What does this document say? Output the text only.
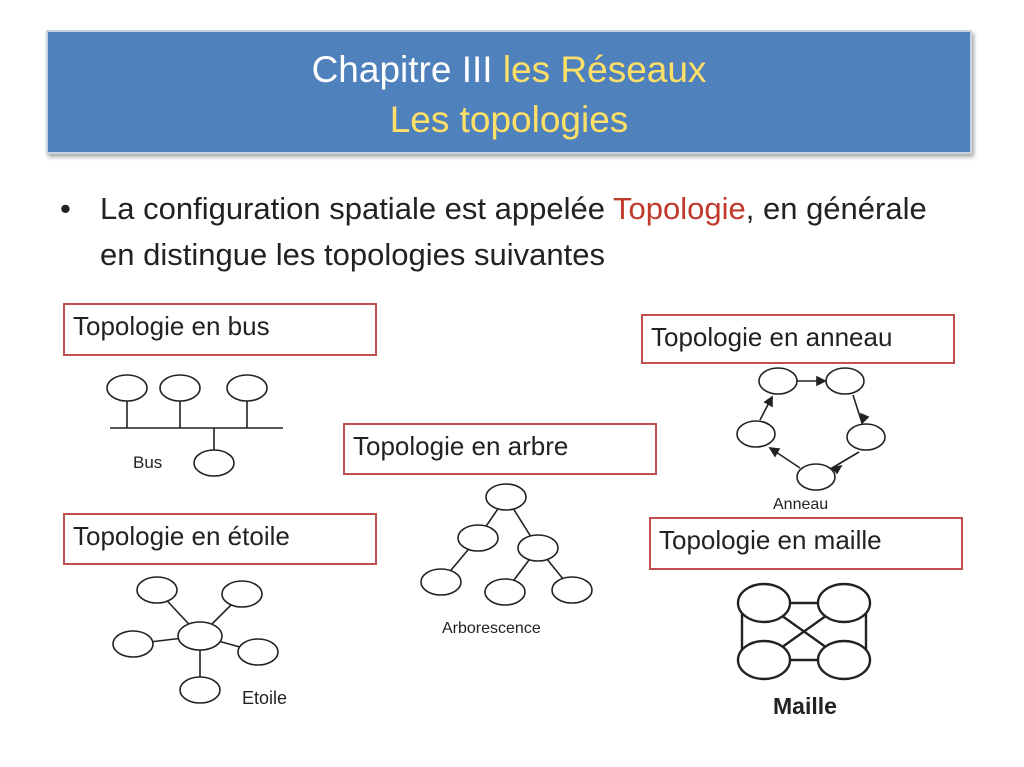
Chapitre III les Réseaux
Les topologies
• La configuration spatiale est appelée Topologie, en générale en distingue les topologies suivantes
Bus
Anneau
Arborescence
Etoile	Maille
Topologie en bus	Topologie en anneau
Topologie en arbre
Topologie en étoile	Topologie en maille
